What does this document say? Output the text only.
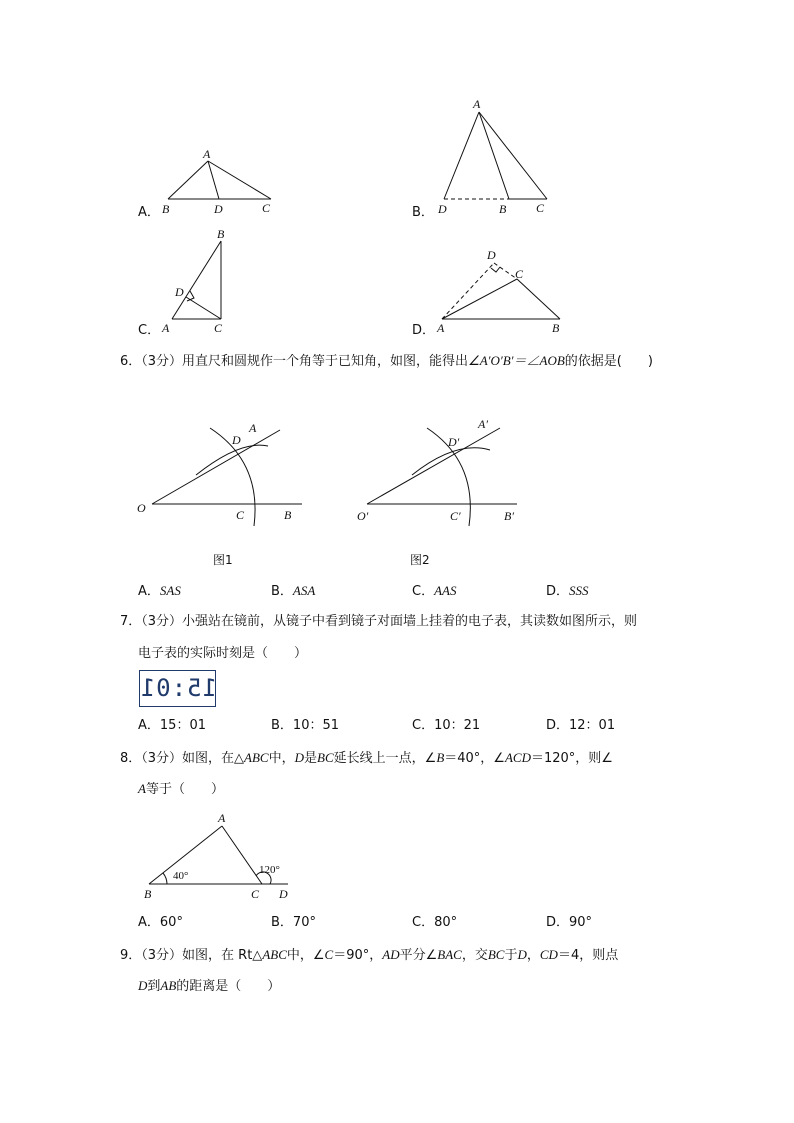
A．
A
B	D	C	B．
A
D	B C
C．
B
D
A	C	D．
D
C
A	B
6．（3分）用直尺和圆规作一个角等于已知角，如图，能得出∠A′O′B′＝∠AOB的依据是(　　)
O
A
D
C	B
图1
O′
A′
D′
C′	B′
图2
A．SAS	B．ASA	C．AAS	D．SSS
7．（3分）小强站在镜前，从镜子中看到镜子对面墙上挂着的电子表，其读数如图所示，则
电子表的实际时刻是（　　）
15:01
A．15：01	B．10：51	C．10：21	D．12：01
8．（3分）如图，在△ABC中，D是BC延长线上一点，∠B＝40°，∠ACD＝120°，则∠
A等于（　　）
A
B	C D
40°	120°
A．60°	B．70°	C．80°	D．90°
9．（3分）如图，在 Rt△ABC中，∠C＝90°，AD平分∠BAC，交BC于D，CD＝4，则点
D到AB的距离是（　　）
